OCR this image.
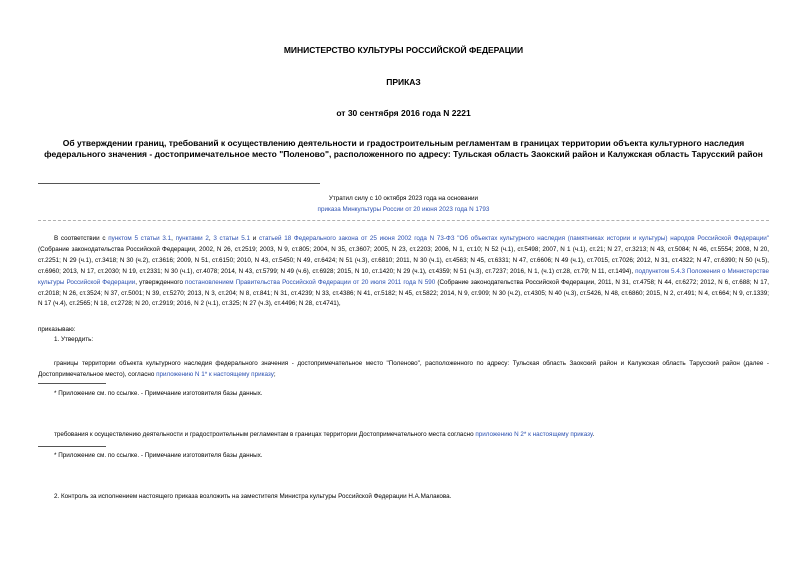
МИНИСТЕРСТВО КУЛЬТУРЫ РОССИЙСКОЙ ФЕДЕРАЦИИ
ПРИКАЗ
от 30 сентября 2016 года N 2221
Об утверждении границ, требований к осуществлению деятельности и градостроительным регламентам в границах территории объекта культурного наследия федерального значения - достопримечательное место "Поленово", расположенного по адресу: Тульская область Заокский район и Калужская область Тарусский район
Утратил силу с 10 октября 2023 года на основании
приказа Минкультуры России от 20 июня 2023 года N 1793
В соответствии с пунктом 5 статьи 3.1, пунктами 2, 3 статьи 5.1 и статьей 18 Федерального закона от 25 июня 2002 года N 73-ФЗ "Об объектах культурного наследия (памятниках истории и культуры) народов Российской Федерации" (Собрание законодательства Российской Федерации, 2002, N 26, ст.2519; 2003, N 9, ст.805; 2004, N 35, ст.3607; 2005, N 23, ст.2203; 2006, N 1, ст.10; N 52 (ч.1), ст.5498; 2007, N 1 (ч.1), ст.21; N 27, ст.3213; N 43, ст.5084; N 46, ст.5554; 2008, N 20, ст.2251; N 29 (ч.1), ст.3418; N 30 (ч.2), ст.3616; 2009, N 51, ст.6150; 2010, N 43, ст.5450; N 49, ст.6424; N 51 (ч.3), ст.6810; 2011, N 30 (ч.1), ст.4563; N 45, ст.6331; N 47, ст.6606; N 49 (ч.1), ст.7015, ст.7026; 2012, N 31, ст.4322; N 47, ст.6390; N 50 (ч.5), ст.6960; 2013, N 17, ст.2030; N 19, ст.2331; N 30 (ч.1), ст.4078; 2014, N 43, ст.5799; N 49 (ч.6), ст.6928; 2015, N 10, ст.1420; N 29 (ч.1), ст.4359; N 51 (ч.3), ст.7237; 2016, N 1, (ч.1) ст.28, ст.79; N 11, ст.1494), подпунктом 5.4.3 Положения о Министерстве культуры Российской Федерации, утвержденного постановлением Правительства Российской Федерации от 20 июля 2011 года N 590 (Собрание законодательства Российской Федерации, 2011, N 31, ст.4758; N 44, ст.6272; 2012, N 6, ст.688; N 17, ст.2018; N 26, ст.3524; N 37, ст.5001; N 39, ст.5270; 2013, N 3, ст.204; N 8, ст.841; N 31, ст.4239; N 33, ст.4386; N 41, ст.5182; N 45, ст.5822; 2014, N 9, ст.909; N 30 (ч.2), ст.4305; N 40 (ч.3), ст.5426, N 48, ст.6860; 2015, N 2, ст.491; N 4, ст.664; N 9, ст.1339; N 17 (ч.4), ст.2565; N 18, ст.2728; N 20, ст.2919; 2016, N 2 (ч.1), ст.325; N 27 (ч.3), ст.4496; N 28, ст.4741),
приказываю:
1. Утвердить:
границы территории объекта культурного наследия федерального значения - достопримечательное место "Поленово", расположенного по адресу: Тульская область Заокский район и Калужская область Тарусский район (далее - Достопримечательное место), согласно приложению N 1* к настоящему приказу;
* Приложение см. по ссылке. - Примечание изготовителя базы данных.
требования к осуществлению деятельности и градостроительным регламентам в границах территории Достопримечательного места согласно приложению N 2* к настоящему приказу.
* Приложение см. по ссылке. - Примечание изготовителя базы данных.
2. Контроль за исполнением настоящего приказа возложить на заместителя Министра культуры Российской Федерации Н.А.Малакова.
